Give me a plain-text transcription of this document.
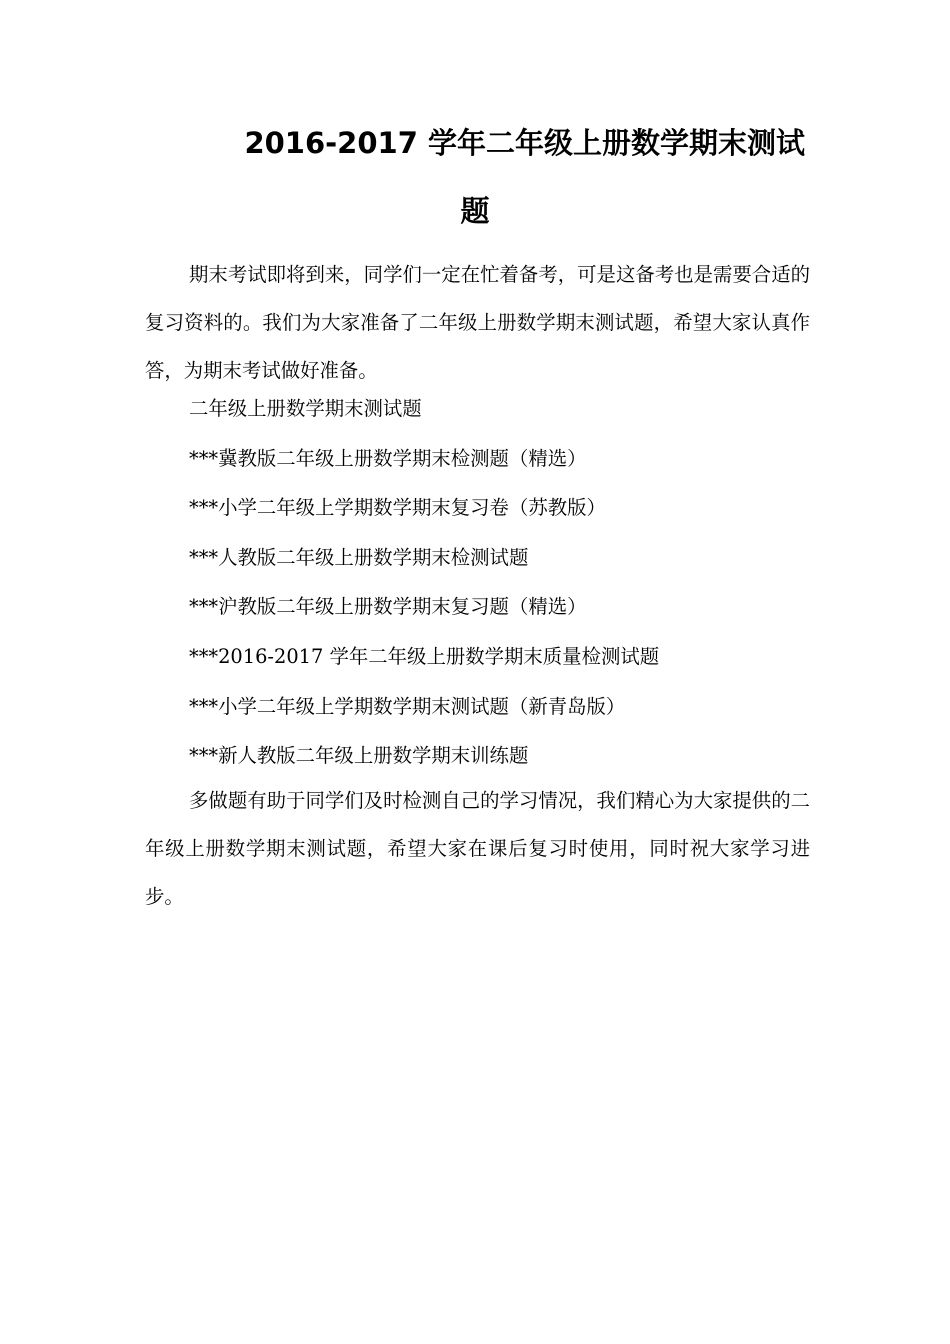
2016-2017 学年二年级上册数学期末测试
题

期末考试即将到来，同学们一定在忙着备考，可是这备考也是需要合适的复习资料的。我们为大家准备了二年级上册数学期末测试题，希望大家认真作答，为期末考试做好准备。

二年级上册数学期末测试题
***冀教版二年级上册数学期末检测题（精选）
***小学二年级上学期数学期末复习卷（苏教版）
***人教版二年级上册数学期末检测试题
***沪教版二年级上册数学期末复习题（精选）
***2016-2017 学年二年级上册数学期末质量检测试题
***小学二年级上学期数学期末测试题（新青岛版）
***新人教版二年级上册数学期末训练题

多做题有助于同学们及时检测自己的学习情况，我们精心为大家提供的二年级上册数学期末测试题，希望大家在课后复习时使用，同时祝大家学习进步。
